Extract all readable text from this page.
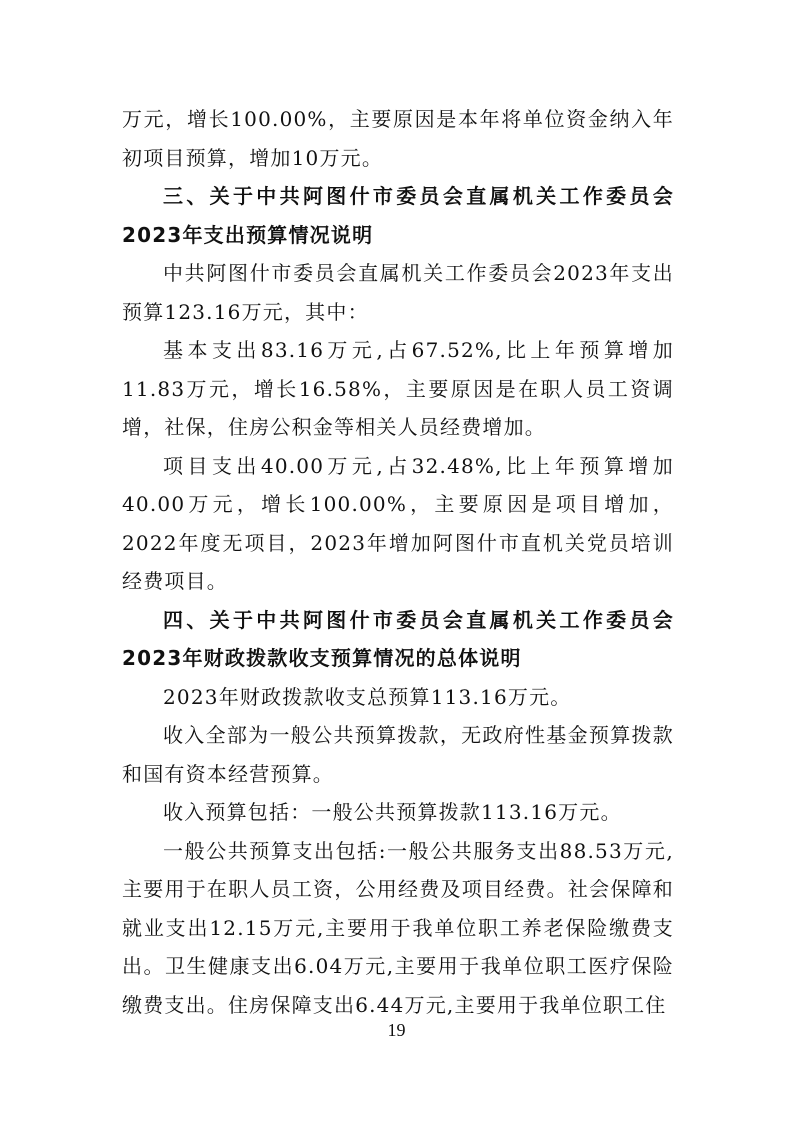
万元，增长100.00%，主要原因是本年将单位资金纳入年初项目预算，增加10万元。

三、关于中共阿图什市委员会直属机关工作委员会2023年支出预算情况说明

中共阿图什市委员会直属机关工作委员会2023年支出预算123.16万元，其中：

基本支出83.16万元,占67.52%,比上年预算增加11.83万元，增长16.58%，主要原因是在职人员工资调增，社保，住房公积金等相关人员经费增加。

项目支出40.00万元,占32.48%,比上年预算增加40.00万元，增长100.00%，主要原因是项目增加，2022年度无项目，2023年增加阿图什市直机关党员培训经费项目。

四、关于中共阿图什市委员会直属机关工作委员会2023年财政拨款收支预算情况的总体说明

2023年财政拨款收支总预算113.16万元。

收入全部为一般公共预算拨款，无政府性基金预算拨款和国有资本经营预算。

收入预算包括：一般公共预算拨款113.16万元。

一般公共预算支出包括:一般公共服务支出88.53万元,主要用于在职人员工资，公用经费及项目经费。社会保障和就业支出12.15万元,主要用于我单位职工养老保险缴费支出。卫生健康支出6.04万元,主要用于我单位职工医疗保险缴费支出。住房保障支出6.44万元,主要用于我单位职工住

19
